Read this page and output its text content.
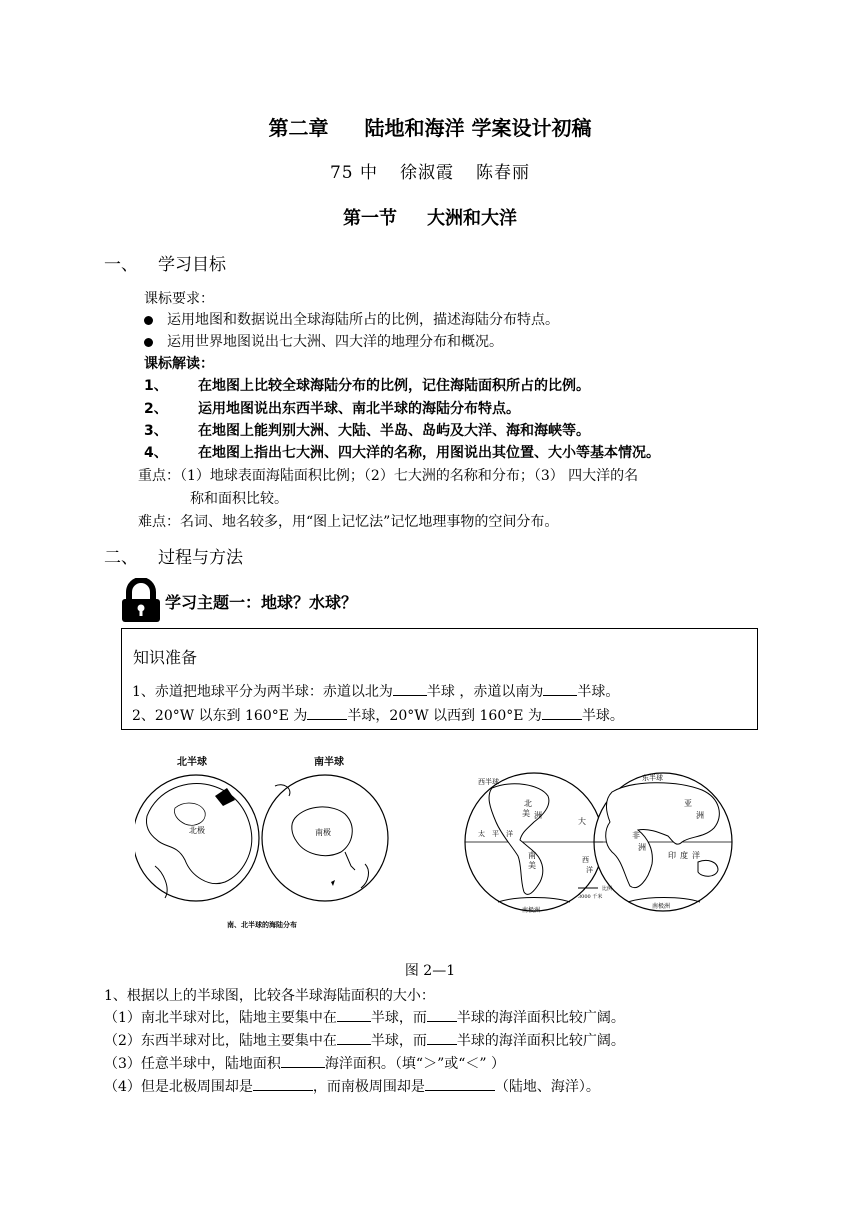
第二章 陆地和海洋 学案设计初稿
75 中 徐淑霞 陈春丽
第一节 大洲和大洋
一、 学习目标
课标要求：
运用地图和数据说出全球海陆所占的比例，描述海陆分布特点。
运用世界地图说出七大洲、四大洋的地理分布和概况。
课标解读：
1、 在地图上比较全球海陆分布的比例，记住海陆面积所占的比例。
2、 运用地图说出东西半球、南北半球的海陆分布特点。
3、 在地图上能判别大洲、大陆、半岛、岛屿及大洋、海和海峡等。
4、 在地图上指出七大洲、四大洋的名称，用图说出其位置、大小等基本情况。
重点：（1）地球表面海陆面积比例；（2）七大洲的名称和分布；（3） 四大洋的名
称和面积比较。
难点：名词、地名较多，用“图上记忆法”记忆地理事物的空间分布。
二、 过程与方法
学习主题一：地球？水球？
知识准备
1、赤道把地球平分为两半球：赤道以北为 半球 ，赤道以南为 半球。
2、20°W 以东到 160°E 为	半球，20°W 以西到 160°E 为	半球。
北半球	南半球
北极	南极
南、北半球的海陆分布
西半球	东半球
北
美 洲
太 平 洋
大
西
洋
南
美
亚
洲
非
洲
印 度 洋
南极洲
南极洲
比例
3000 千米
图 2—1
1、根据以上的半球图，比较各半球海陆面积的大小：
（1）南北半球对比，陆地主要集中在 半球，而 半球的海洋面积比较广阔。
（2）东西半球对比，陆地主要集中在 半球，而 半球的海洋面积比较广阔。
（3）任意半球中，陆地面积	海洋面积。（填“＞”或“＜” ）
（4）但是北极周围却是	，而南极周围却是	（陆地、海洋）。
